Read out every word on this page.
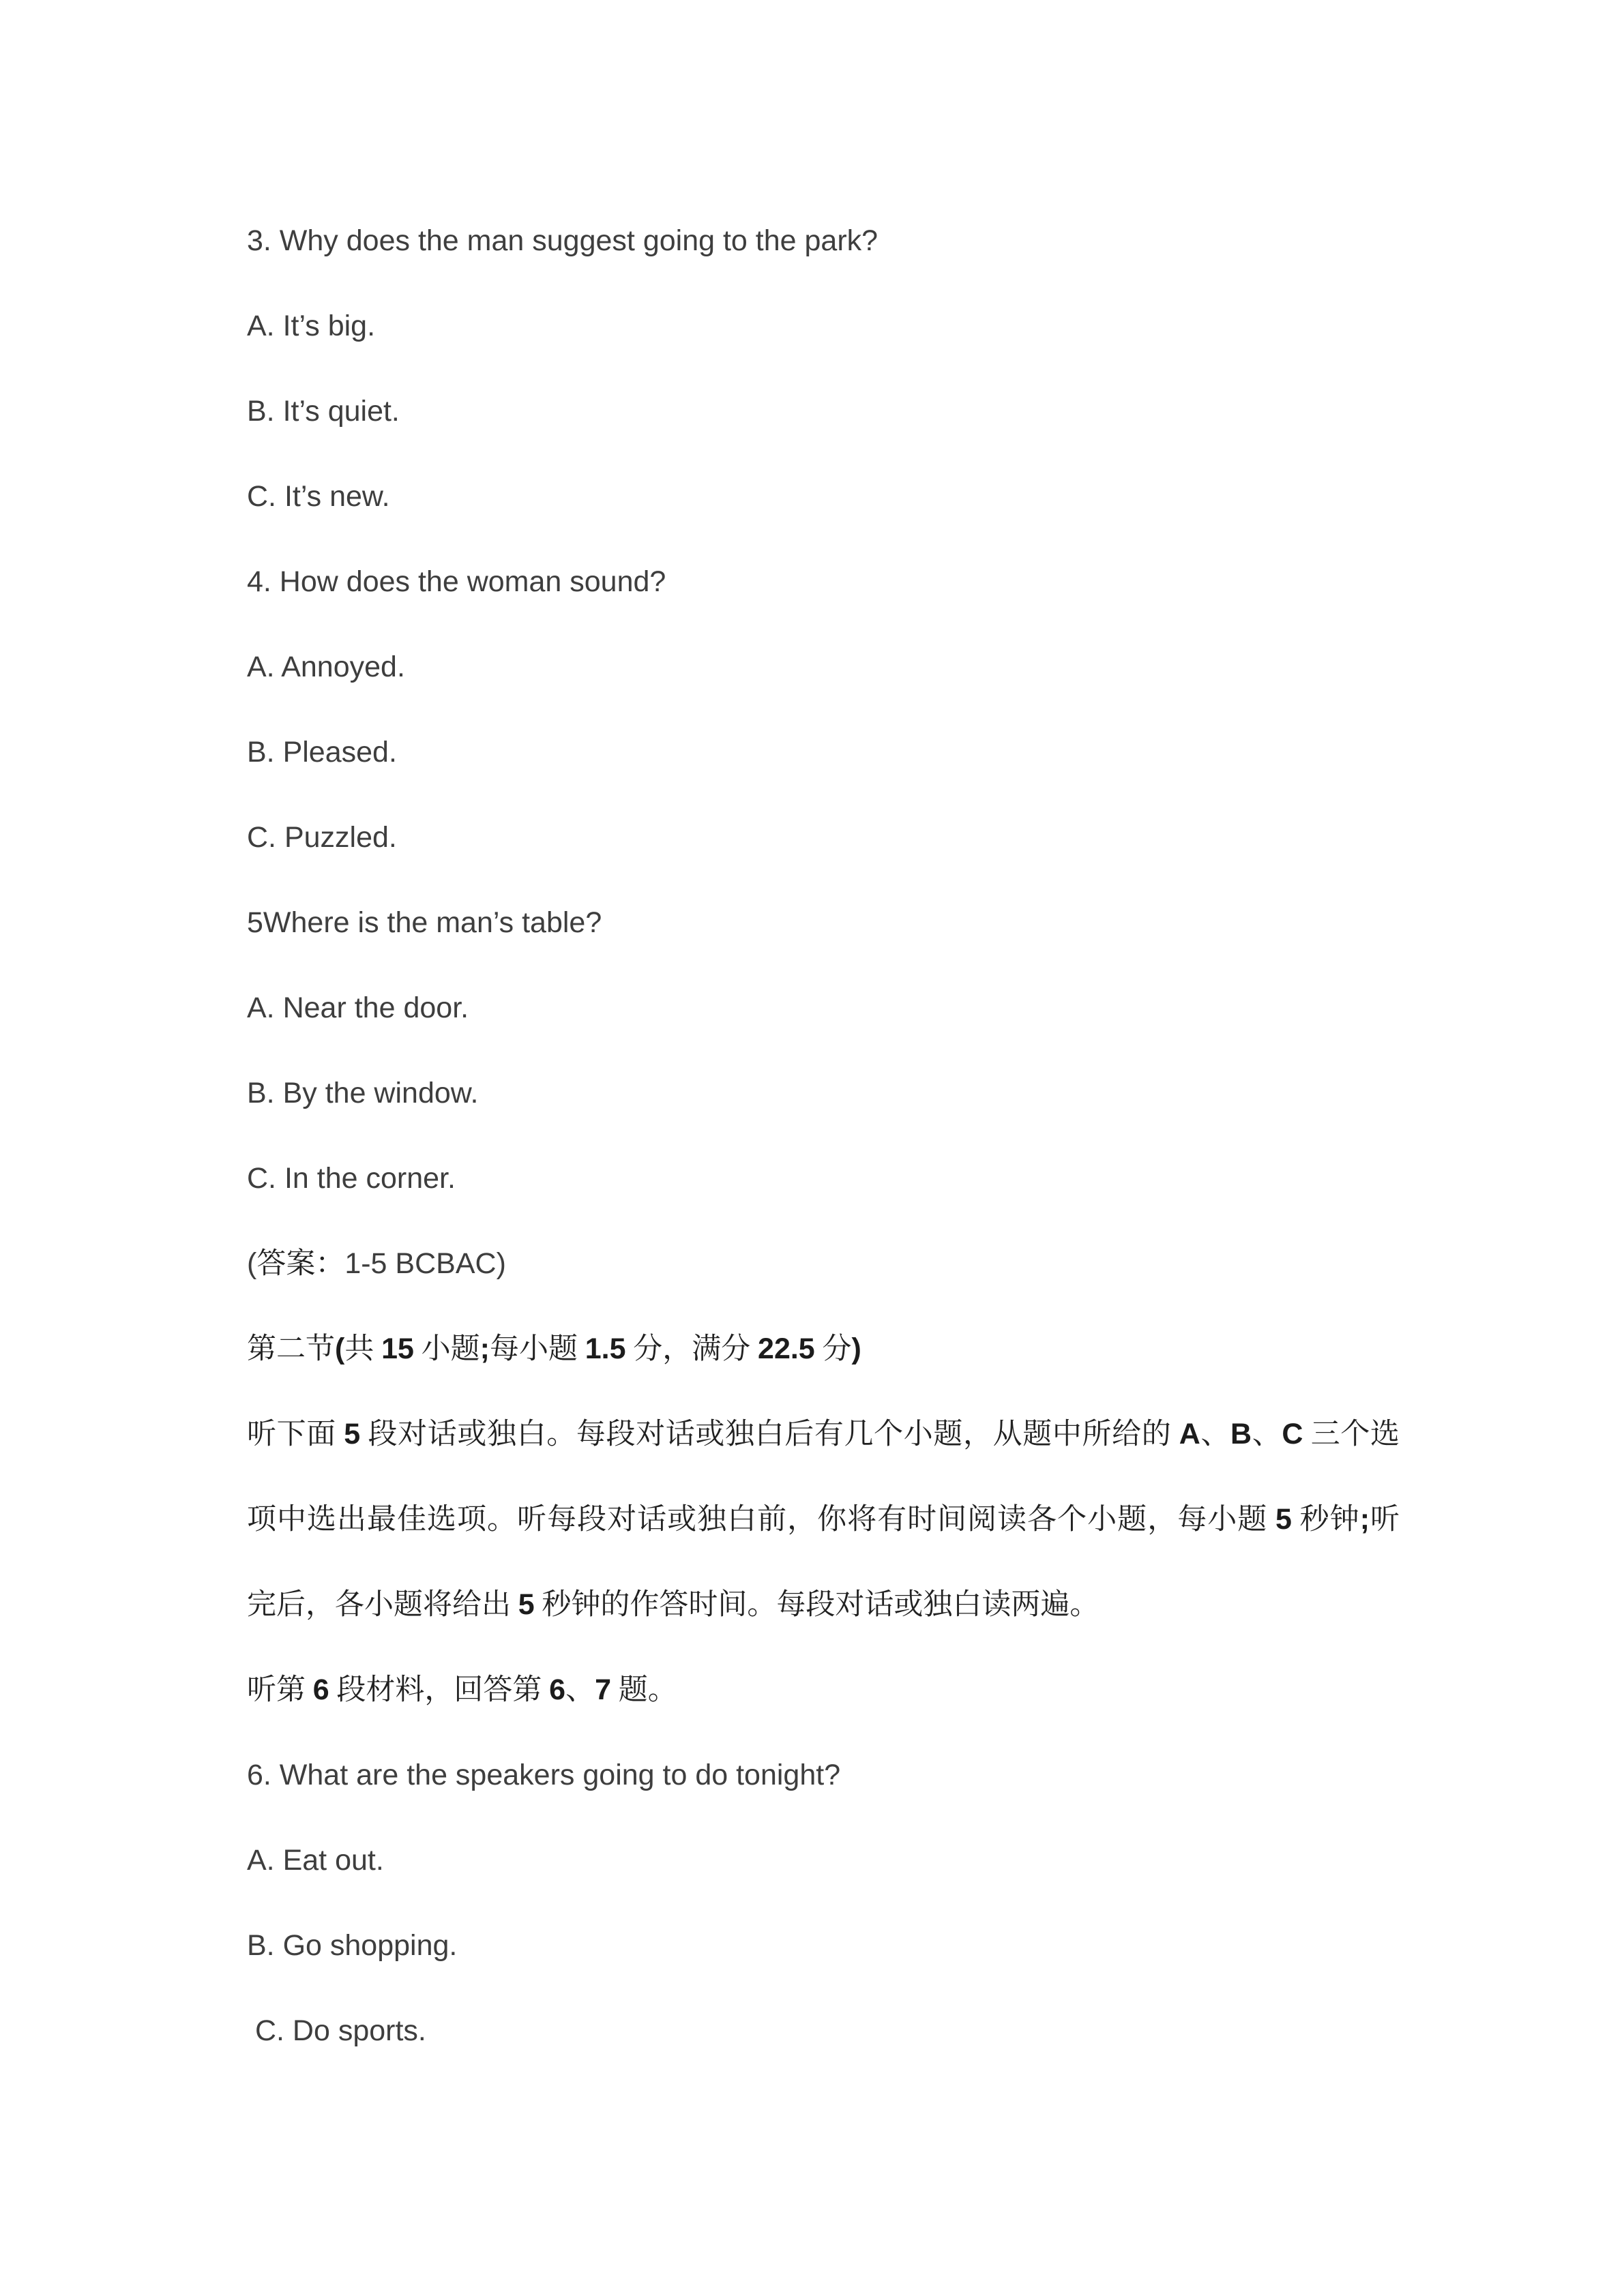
3. Why does the man suggest going to the park?

A. It’s big.

B. It’s quiet.

C. It’s new.

4. How does the woman sound?

A. Annoyed.

B. Pleased.

C. Puzzled.

5Where is the man’s table?

A. Near the door.

B. By the window.

C. In the corner.

(答案：1-5 BCBAC)

第二节(共 15 小题;每小题 1.5 分，满分 22.5 分)

听下面 5 段对话或独白。每段对话或独白后有几个小题，从题中所给的 A、B、C 三个选项中选出最佳选项。听每段对话或独白前，你将有时间阅读各个小题，每小题 5 秒钟;听完后，各小题将给出 5 秒钟的作答时间。每段对话或独白读两遍。

听第 6 段材料，回答第 6、7 题。

6. What are the speakers going to do tonight?

A. Eat out.

B. Go shopping.

C. Do sports.
